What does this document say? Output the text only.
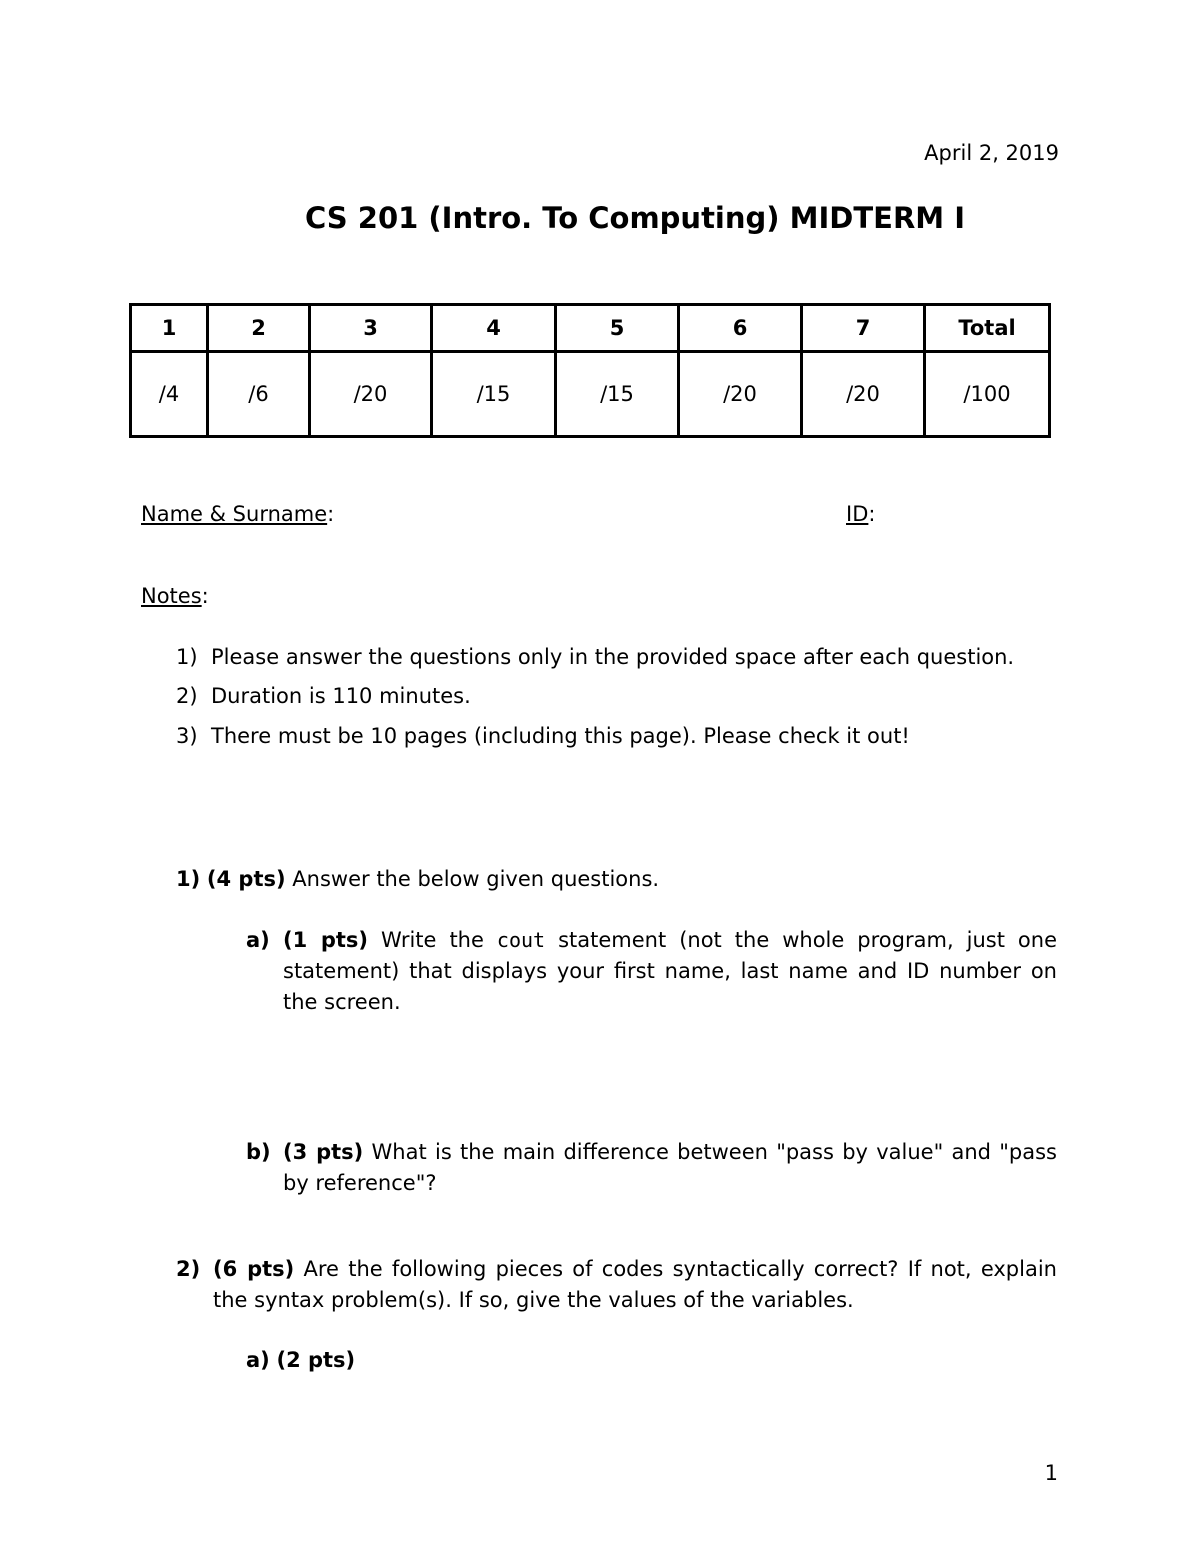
April 2, 2019
CS 201 (Intro. To Computing) MIDTERM I
1	2	3	4	5	6	7	Total
/4	/6	/20	/15	/15	/20	/20	/100
Name & Surname:	ID:
Notes:
1) Please answer the questions only in the provided space after each question.
2) Duration is 110 minutes.
3) There must be 10 pages (including this page). Please check it out!
1) (4 pts) Answer the below given questions.
a) (1 pts) Write the cout statement (not the whole program, just one statement) that displays your first name, last name and ID number on the screen.
b) (3 pts) What is the main difference between "pass by value" and "pass by reference"?
2) (6 pts) Are the following pieces of codes syntactically correct? If not, explain the syntax problem(s). If so, give the values of the variables.
a) (2 pts)
1
